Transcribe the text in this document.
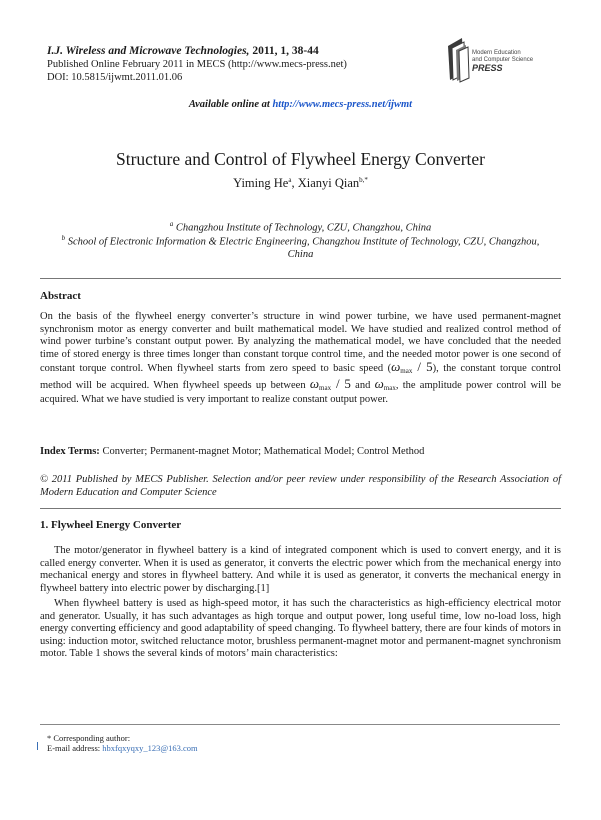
I.J. Wireless and Microwave Technologies, 2011, 1, 38-44
Published Online February 2011 in MECS (http://www.mecs-press.net)
DOI: 10.5815/ijwmt.2011.01.06
Modern Education
and Computer Science
PRESS
Available online at http://www.mecs-press.net/ijwmt
Structure and Control of Flywheel Energy Converter
Yiming He$^a$, Xianyi Qian$^{b,*}$
$^a$ Changzhou Institute of Technology, CZU, Changzhou, China
$^b$ School of Electronic Information & Electric Engineering, Changzhou Institute of Technology, CZU, Changzhou, China
Abstract
On the basis of the flywheel energy converter’s structure in wind power turbine, we have used permanent-magnet synchronism motor as energy converter and built mathematical model. We have studied and realized control method of wind power turbine’s constant output power. By analyzing the mathematical model, we have concluded that the needed time of stored energy is three times longer than constant torque control time, and the needed motor power is one second of constant torque control. When flywheel starts from zero speed to basic speed $(\omega_{max} / 5)$, the constant torque control method will be acquired. When flywheel speeds up between $\omega_{max} / 5$ and $\omega_{max}$, the amplitude power control will be acquired. What we have studied is very important to realize constant output power.
Index Terms: Converter; Permanent-magnet Motor; Mathematical Model; Control Method
© 2011 Published by MECS Publisher. Selection and/or peer review under responsibility of the Research Association of Modern Education and Computer Science
1. Flywheel Energy Converter
The motor/generator in flywheel battery is a kind of integrated component which is used to convert energy, and it is called energy converter. When it is used as generator, it converts the electric power which from the mechanical energy into mechanical energy and stores in flywheel battery. And while it is used as generator, it converts the mechanical energy in flywheel battery into electric power by discharging.[1]
When flywheel battery is used as high-speed motor, it has such the characteristics as high-efficiency electrical motor and generator. Usually, it has such advantages as high torque and output power, long useful time, low no-load loss, high energy converting efficiency and good adaptability of speed changing. To flywheel battery, there are four kinds of motors in using: induction motor, switched reluctance motor, brushless permanent-magnet motor and permanent-magnet synchronism motor. Table 1 shows the several kinds of motors’ main characteristics:
* Corresponding author:
E-mail address: hbxfqxyqxy_123@163.com
